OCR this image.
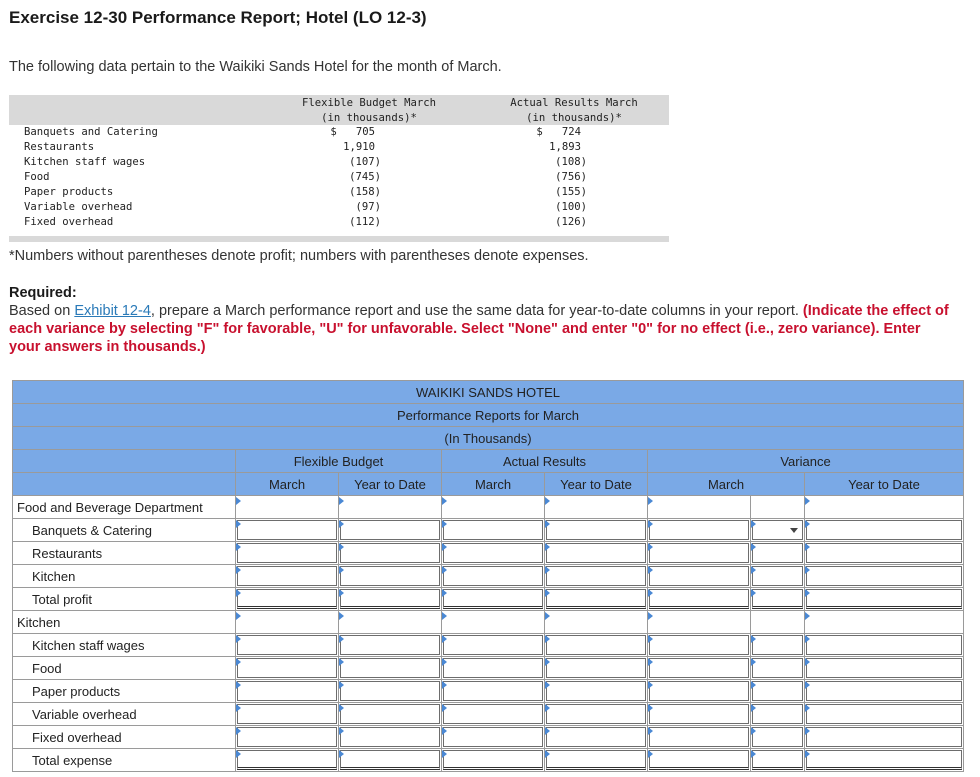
Exercise 12-30 Performance Report; Hotel (LO 12-3)
The following data pertain to the Waikiki Sands Hotel for the month of March.
Flexible Budget March
(in thousands)*
Actual Results March
(in thousands)*
Banquets and Catering	$   705	$   724
Restaurants	1,910	1,893
Kitchen staff wages	(107)	(108)
Food	(745)	(756)
Paper products	(158)	(155)
Variable overhead	(97)	(100)
Fixed overhead	(112)	(126)
*Numbers without parentheses denote profit; numbers with parentheses denote expenses.
Required:
Based on Exhibit 12-4, prepare a March performance report and use the same data for year-to-date columns in your report. (Indicate the effect of each variance by selecting "F" for favorable, "U" for unfavorable. Select "None" and enter "0" for no effect (i.e., zero variance). Enter your answers in thousands.)
WAIKIKI SANDS HOTEL							
Performance Reports for March							
(In Thousands)							
	Flexible Budget		Actual Results		Variance		
	March	Year to Date	March	Year to Date	March		Year to Date
Food and Beverage Department	

Banquets & Catering	

Restaurants	

Kitchen	

Total profit	

Kitchen	

Kitchen staff wages	

Food	

Paper products	

Variable overhead	

Fixed overhead	

Total expense	
